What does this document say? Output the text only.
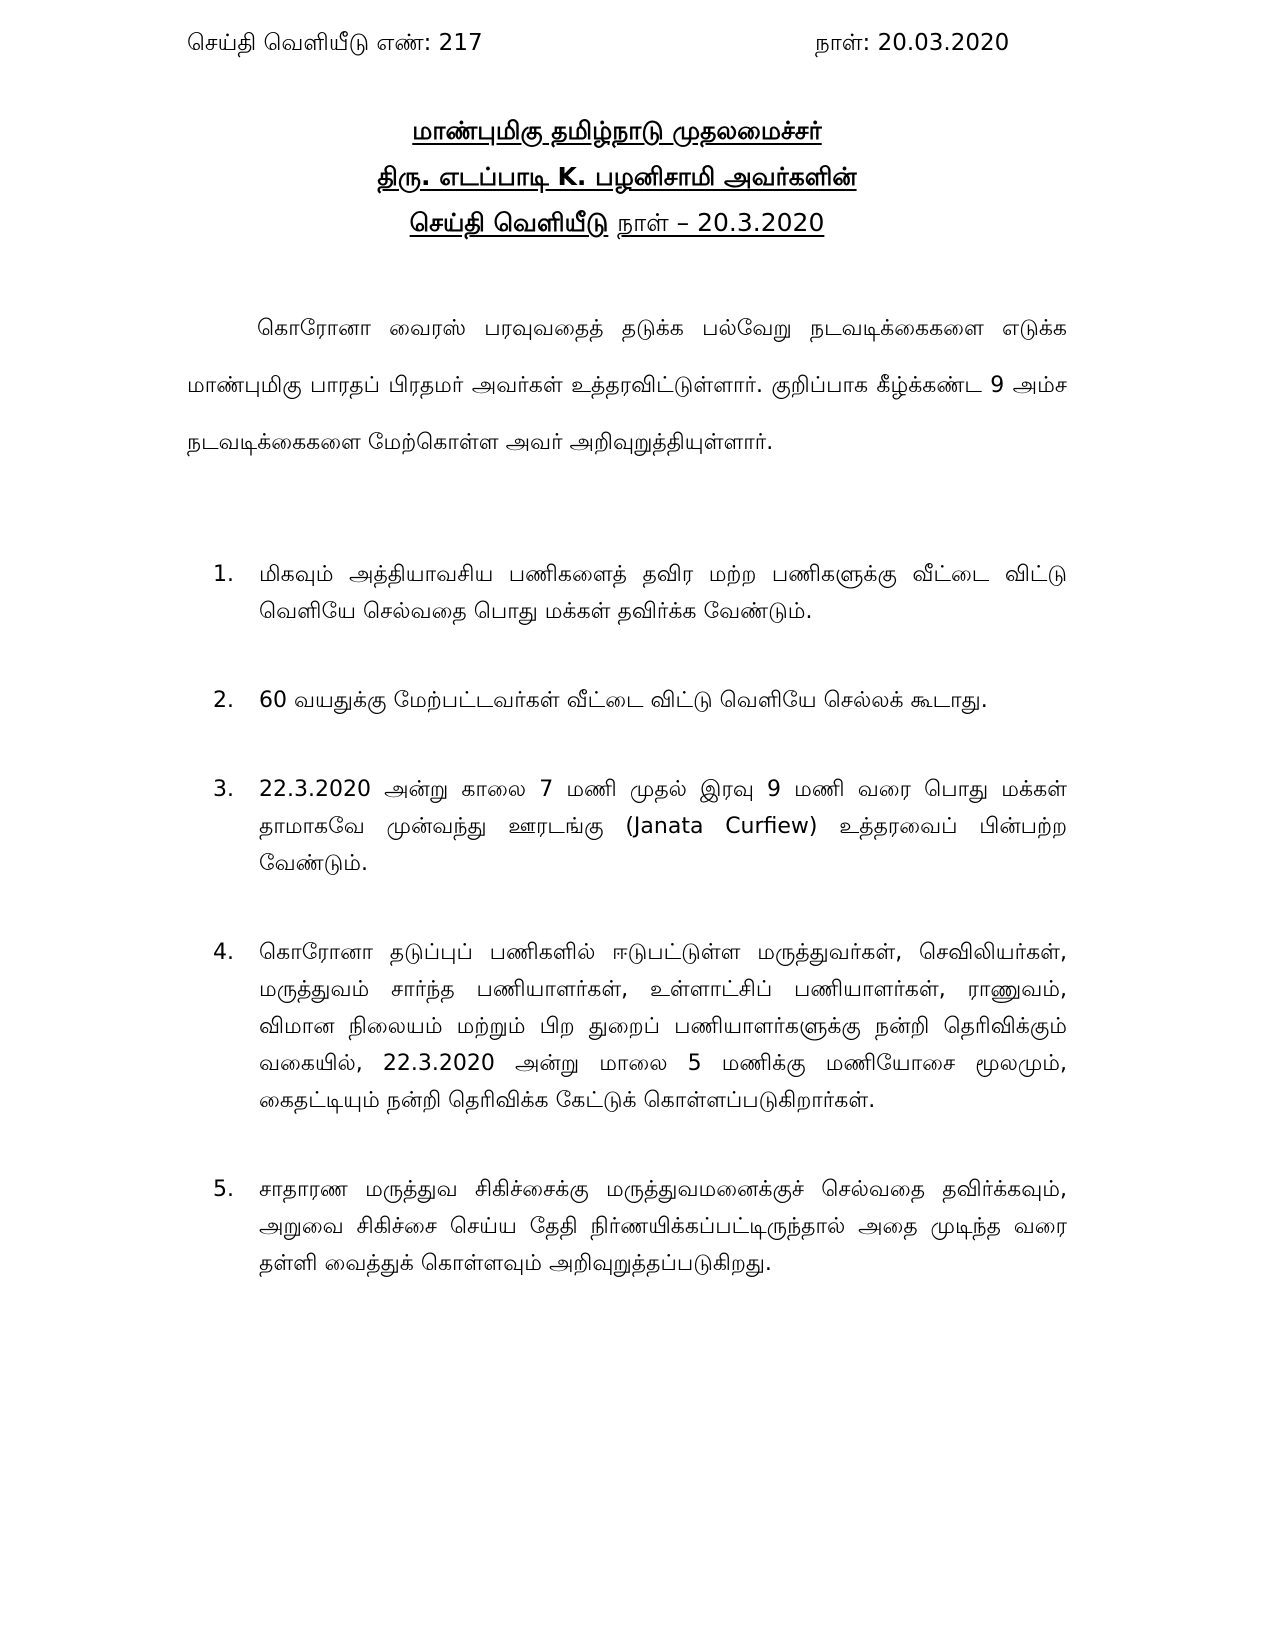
செய்தி வெளியீடு எண்: 217	நாள்: 20.03.2020
மாண்புமிகு தமிழ்நாடு முதலமைச்சர்
திரு. எடப்பாடி K. பழனிசாமி அவர்களின்
செய்தி வெளியீடு நாள் – 20.3.2020

கொரோனா வைரஸ் பரவுவதைத் தடுக்க பல்வேறு நடவடிக்கைகளை எடுக்க மாண்புமிகு பாரதப் பிரதமர் அவர்கள் உத்தரவிட்டுள்ளார். குறிப்பாக கீழ்க்கண்ட 9 அம்ச நடவடிக்கைகளை மேற்கொள்ள அவர் அறிவுறுத்தியுள்ளார்.

1. மிகவும் அத்தியாவசிய பணிகளைத் தவிர மற்ற பணிகளுக்கு வீட்டை விட்டு வெளியே செல்வதை பொது மக்கள் தவிர்க்க வேண்டும்.
2. 60 வயதுக்கு மேற்பட்டவர்கள் வீட்டை விட்டு வெளியே செல்லக் கூடாது.
3. 22.3.2020 அன்று காலை 7 மணி முதல் இரவு 9 மணி வரை பொது மக்கள் தாமாகவே முன்வந்து ஊரடங்கு (Janata Curfiew) உத்தரவைப் பின்பற்ற வேண்டும்.
4. கொரோனா தடுப்புப் பணிகளில் ஈடுபட்டுள்ள மருத்துவர்கள், செவிலியர்கள், மருத்துவம் சார்ந்த பணியாளர்கள், உள்ளாட்சிப் பணியாளர்கள், ராணுவம், விமான நிலையம் மற்றும் பிற துறைப் பணியாளர்களுக்கு நன்றி தெரிவிக்கும் வகையில், 22.3.2020 அன்று மாலை 5 மணிக்கு மணியோசை மூலமும், கைதட்டியும் நன்றி தெரிவிக்க கேட்டுக் கொள்ளப்படுகிறார்கள்.
5. சாதாரண மருத்துவ சிகிச்சைக்கு மருத்துவமனைக்குச் செல்வதை தவிர்க்கவும், அறுவை சிகிச்சை செய்ய தேதி நிர்ணயிக்கப்பட்டிருந்தால் அதை முடிந்த வரை தள்ளி வைத்துக் கொள்ளவும் அறிவுறுத்தப்படுகிறது.
